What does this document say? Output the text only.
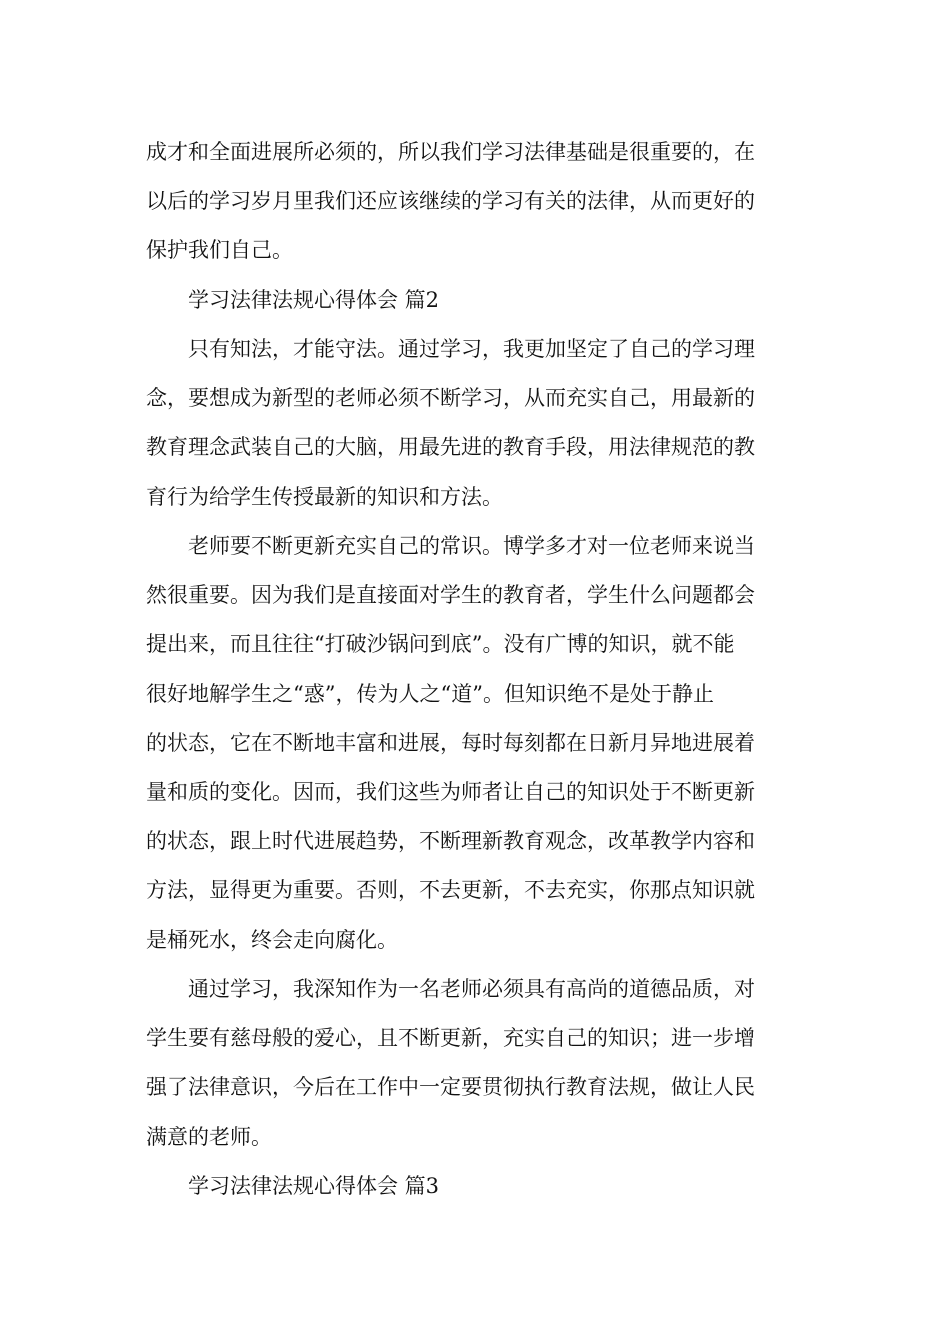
成才和全面进展所必须的，所以我们学习法律基础是很重要的，在
以后的学习岁月里我们还应该继续的学习有关的法律，从而更好的
保护我们自己。
学习法律法规心得体会 篇2
只有知法，才能守法。通过学习，我更加坚定了自己的学习理
念，要想成为新型的老师必须不断学习，从而充实自己，用最新的
教育理念武装自己的大脑，用最先进的教育手段，用法律规范的教
育行为给学生传授最新的知识和方法。
老师要不断更新充实自己的常识。博学多才对一位老师来说当
然很重要。因为我们是直接面对学生的教育者，学生什么问题都会
提出来，而且往往“打破沙锅问到底”。没有广博的知识，就不能
很好地解学生之“惑”，传为人之“道”。但知识绝不是处于静止
的状态，它在不断地丰富和进展，每时每刻都在日新月异地进展着
量和质的变化。因而，我们这些为师者让自己的知识处于不断更新
的状态，跟上时代进展趋势，不断理新教育观念，改革教学内容和
方法，显得更为重要。否则，不去更新，不去充实，你那点知识就
是桶死水，终会走向腐化。
通过学习，我深知作为一名老师必须具有高尚的道德品质，对
学生要有慈母般的爱心，且不断更新，充实自己的知识；进一步增
强了法律意识，今后在工作中一定要贯彻执行教育法规，做让人民
满意的老师。
学习法律法规心得体会 篇3
